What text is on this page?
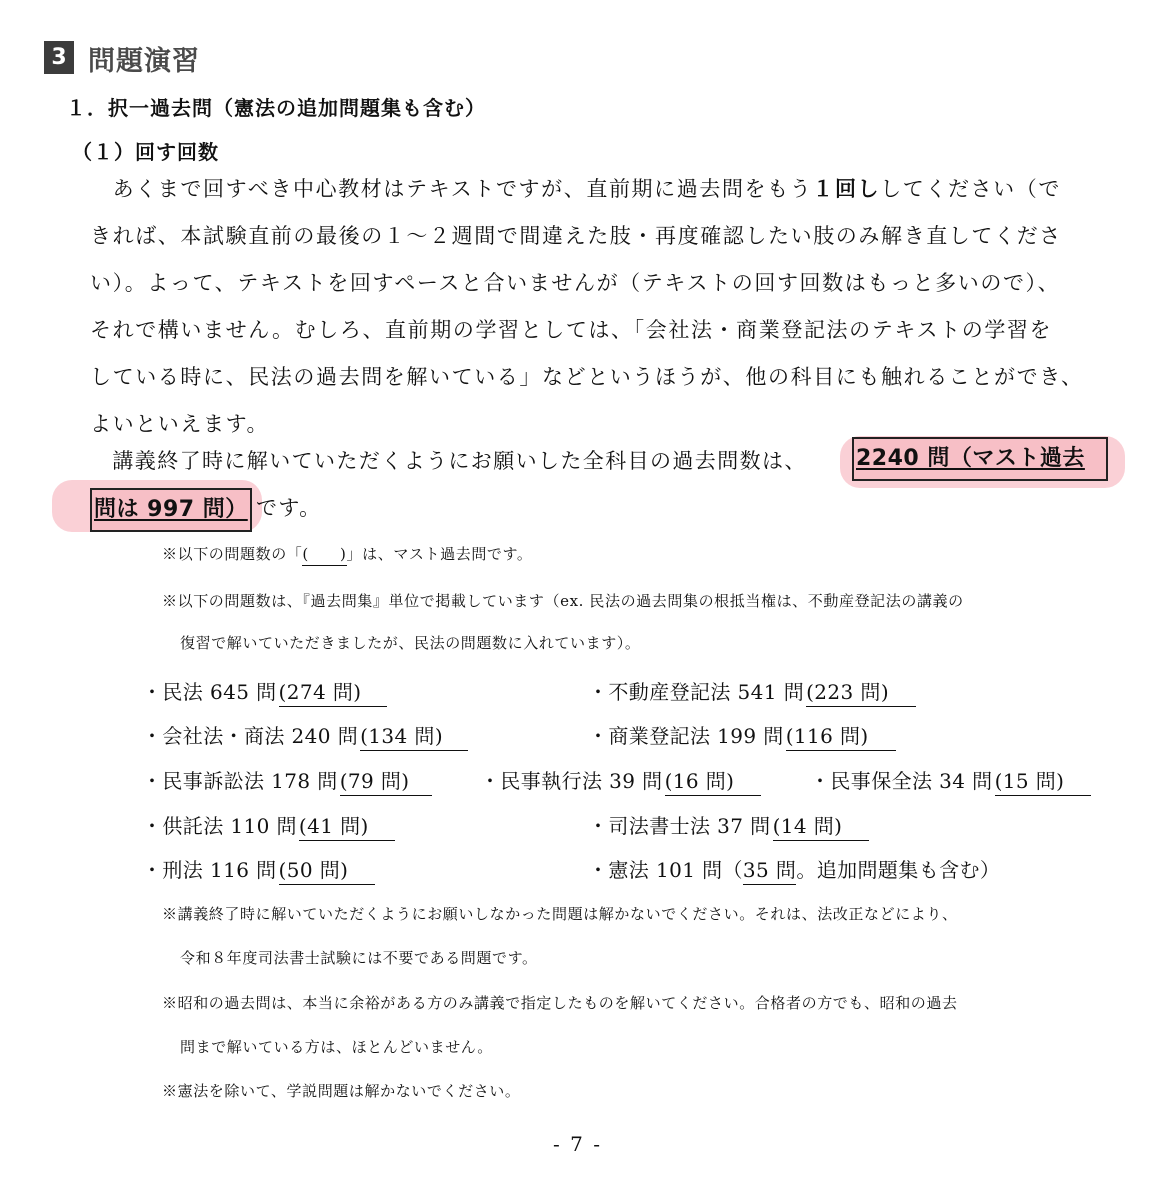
3 問題演習
１．択一過去問（憲法の追加問題集も含む）
（１）回す回数
　あくまで回すべき中心教材はテキストですが、直前期に過去問をもう１回ししてください（で
きれば、本試験直前の最後の１～２週間で間違えた肢・再度確認したい肢のみ解き直してくださ
い）。よって、テキストを回すペースと合いませんが（テキストの回す回数はもっと多いので）、
それで構いません。むしろ、直前期の学習としては、「会社法・商業登記法のテキストの学習を
している時に、民法の過去問を解いている」などというほうが、他の科目にも触れることができ、
よいといえます。
　講義終了時に解いていただくようにお願いした全科目の過去問数は、 2240 問（マスト過去
問は 997 問） です。
※以下の問題数の「(　　)」は、マスト過去問です。
※以下の問題数は、『過去問集』単位で掲載しています（ex. 民法の過去問集の根抵当権は、不動産登記法の講義の
復習で解いていただきましたが、民法の問題数に入れています）。
・民法 645 問 (274 問)	・不動産登記法 541 問 (223 問)
・会社法・商法 240 問 (134 問)	・商業登記法 199 問 (116 問)
・民事訴訟法 178 問 (79 問)	・民事執行法 39 問 (16 問)	・民事保全法 34 問 (15 問)
・供託法 110 問 (41 問)	・司法書士法 37 問 (14 問)
・刑法 116 問 (50 問)	・憲法 101 問（35 問。追加問題集も含む）
※講義終了時に解いていただくようにお願いしなかった問題は解かないでください。それは、法改正などにより、
令和８年度司法書士試験には不要である問題です。
※昭和の過去問は、本当に余裕がある方のみ講義で指定したものを解いてください。合格者の方でも、昭和の過去
問まで解いている方は、ほとんどいません。
※憲法を除いて、学説問題は解かないでください。
- 7 -
